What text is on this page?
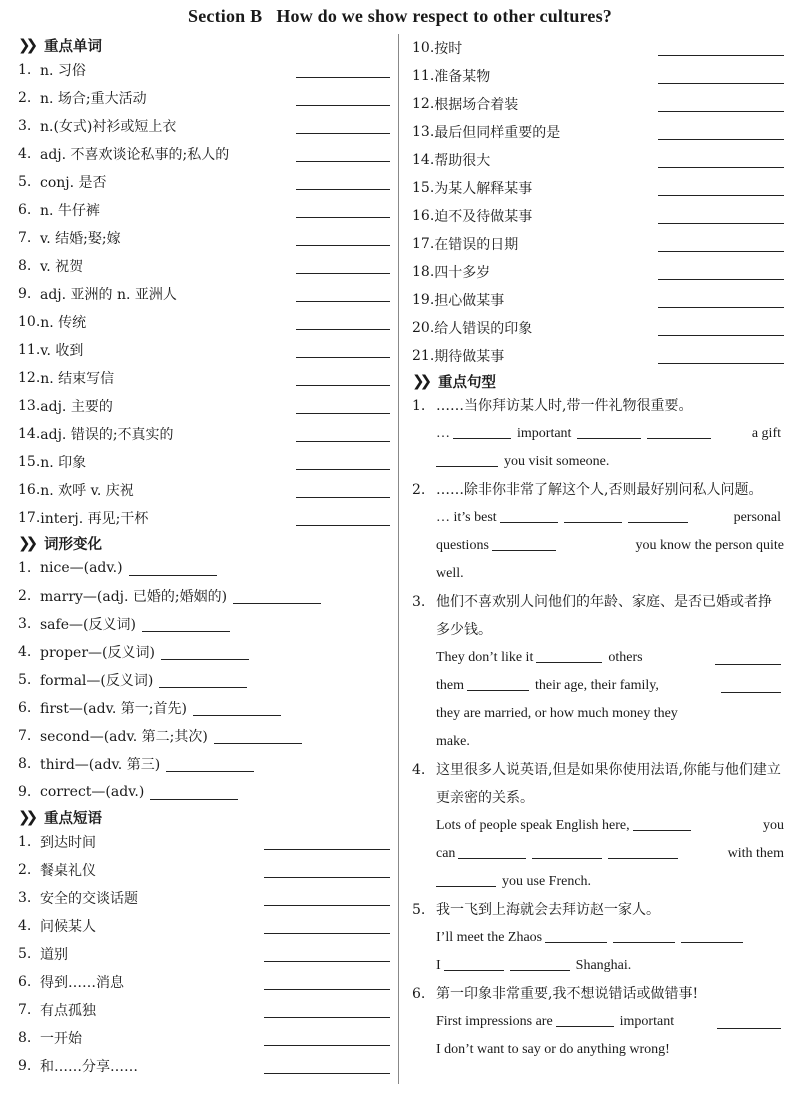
Section B How do we show respect to other cultures?
❯❯ 重点单词
1. n. 习俗
2. n. 场合;重大活动
3. n.(女式)衬衫或短上衣
4. adj. 不喜欢谈论私事的;私人的
5. conj. 是否
6. n. 牛仔裤
7. v. 结婚;娶;嫁
8. v. 祝贺
9. adj. 亚洲的 n. 亚洲人
10. n. 传统
11. v. 收到
12. n. 结束写信
13. adj. 主要的
14. adj. 错误的;不真实的
15. n. 印象
16. n. 欢呼 v. 庆祝
17. interj. 再见;干杯
❯❯ 词形变化
1. nice—(adv.)
2. marry—(adj. 已婚的;婚姻的)
3. safe—(反义词)
4. proper—(反义词)
5. formal—(反义词)
6. first—(adv. 第一;首先)
7. second—(adv. 第二;其次)
8. third—(adv. 第三)
9. correct—(adv.)
❯❯ 重点短语
1. 到达时间
2. 餐桌礼仪
3. 安全的交谈话题
4. 问候某人
5. 道别
6. 得到……消息
7. 有点孤独
8. 一开始
9. 和……分享……
10. 按时
11. 准备某物
12. 根据场合着装
13. 最后但同样重要的是
14. 帮助很大
15. 为某人解释某事
16. 迫不及待做某事
17. 在错误的日期
18. 四十多岁
19. 担心做某事
20. 给人错误的印象
21. 期待做某事
❯❯ 重点句型
1. ……当你拜访某人时,带一件礼物很重要。
…	important	a gift
you visit someone.
2. ……除非你非常了解这个人,否则最好别问私人问题。
… it’s best	personal
questions	you know the person quite
well.
3. 他们不喜欢别人问他们的年龄、家庭、是否已婚或者挣多少钱。
They don’t like it	others
them	their age, their family,
they are married, or how much money they
make.
4. 这里很多人说英语,但是如果你使用法语,你能与他们建立更亲密的关系。
Lots of people speak English here,	you
can	with them
you use French.
5. 我一飞到上海就会去拜访赵一家人。
I’ll meet the Zhaos
I	Shanghai.
6. 第一印象非常重要,我不想说错话或做错事!
First impressions are	important
I don’t want to say or do anything wrong!
